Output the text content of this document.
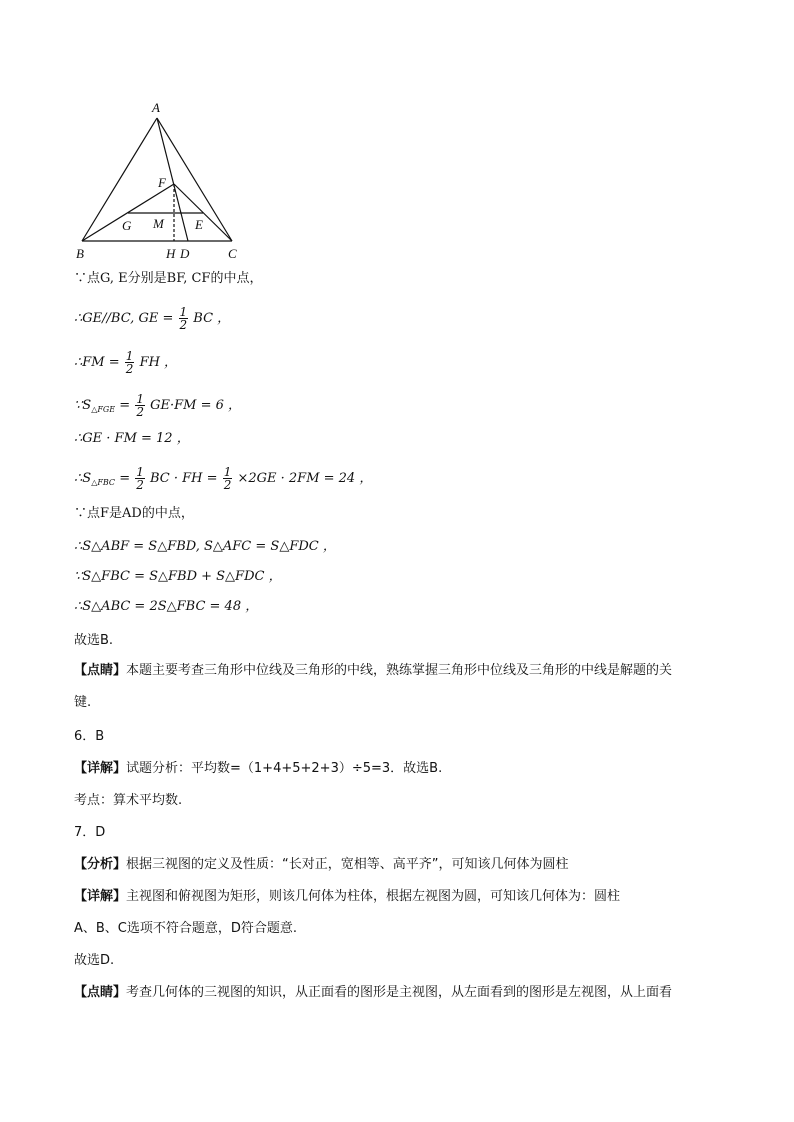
A
F
G M E
B	H D	C
∵点G, E分别是BF, CF的中点，
∴GE//BC, GE = $\frac{1}{2}$ BC ，
∴FM = $\frac{1}{2}$ FH ，
$\because S_{\triangle FGE} = \frac{1}{2} GE\cdot FM = 6$ ，
∴GE · FM = 12 ，
$\therefore S_{\triangle FBC} = \frac{1}{2}$ BC · FH = $\frac{1}{2} \times 2GE \cdot 2FM = 24$ ，
∵点F是AD的中点，
∴S△ABF = S△FBD, S△AFC = S△FDC ，
∵S△FBC = S△FBD + S△FDC ，
∴S△ABC = 2S△FBC = 48 ，
故选B.
【点睛】本题主要考查三角形中位线及三角形的中线，熟练掌握三角形中位线及三角形的中线是解题的关
键.
6．B
【详解】试题分析：平均数=（1+4+5+2+3）÷5=3．故选B.
考点：算术平均数.
7．D
【分析】根据三视图的定义及性质：“长对正，宽相等、高平齐”，可知该几何体为圆柱
【详解】主视图和俯视图为矩形，则该几何体为柱体，根据左视图为圆，可知该几何体为：圆柱
A、B、C选项不符合题意，D符合题意.
故选D.
【点睛】考查几何体的三视图的知识，从正面看的图形是主视图，从左面看到的图形是左视图，从上面看
